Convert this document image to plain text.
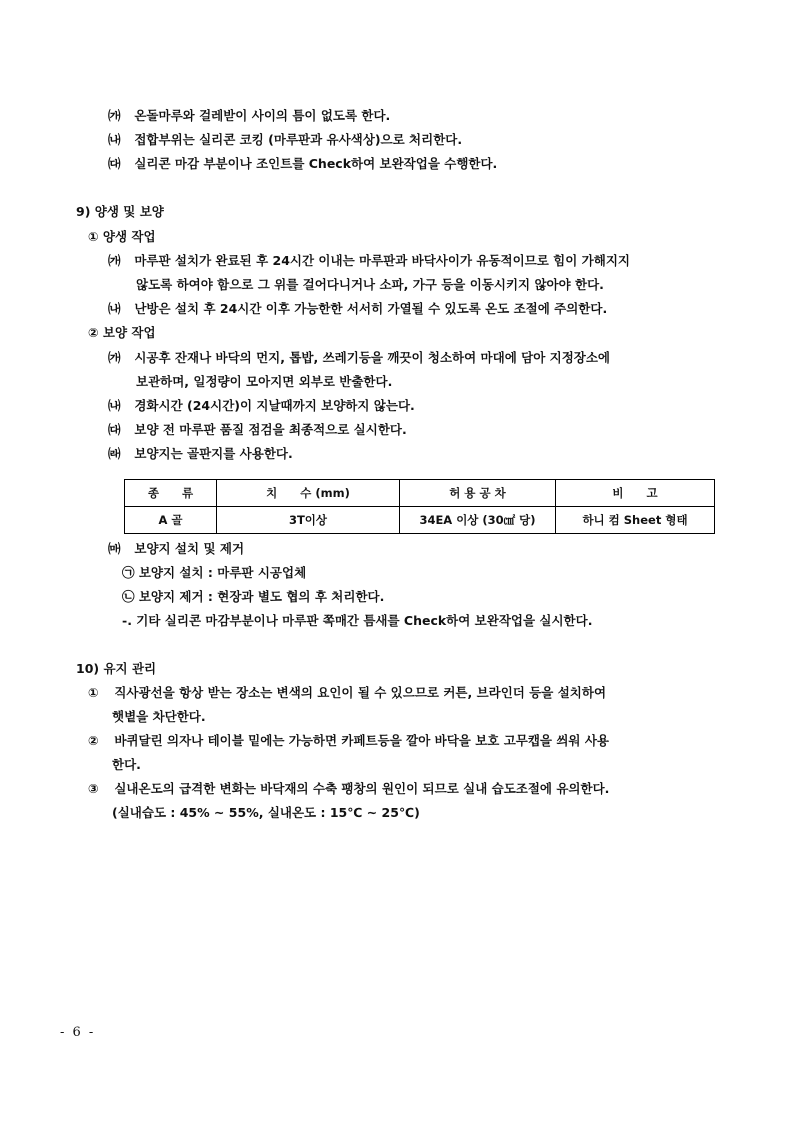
㈎ 온돌마루와 걸레받이 사이의 틈이 없도록 한다.
㈏ 접합부위는 실리콘 코킹 (마루판과 유사색상)으로 처리한다.
㈐ 실리콘 마감 부분이나 조인트를 Check하여 보완작업을 수행한다.
9) 양생 및 보양
① 양생 작업
㈎ 마루판 설치가 완료된 후 24시간 이내는 마루판과 바닥사이가 유동적이므로 힘이 가해지지
않도록 하여야 함으로 그 위를 걸어다니거나 소파, 가구 등을 이동시키지 않아야 한다.
㈏ 난방은 설치 후 24시간 이후 가능한한 서서히 가열될 수 있도록 온도 조절에 주의한다.
② 보양 작업
㈎ 시공후 잔재나 바닥의 먼지, 톱밥, 쓰레기등을 깨끗이 청소하여 마대에 담아 지정장소에
보관하며, 일정량이 모아지면 외부로 반출한다.
㈏ 경화시간 (24시간)이 지날때까지 보양하지 않는다.
㈐ 보양 전 마루판 품질 점검을 최종적으로 실시한다.
㈑ 보양지는 골판지를 사용한다.
종　　류	치　　수 (mm)	허 용 공 차	비　　고
A 골	3T이상	34EA 이상 (30㎠ 당)	하니 컴 Sheet 형태
㈒ 보양지 설치 및 제거
㉠ 보양지 설치 : 마루판 시공업체
㉡ 보양지 제거 : 현장과 별도 협의 후 처리한다.
-. 기타 실리콘 마감부분이나 마루판 쪽매간 틈새를 Check하여 보완작업을 실시한다.
10) 유지 관리
① 직사광선을 항상 받는 장소는 변색의 요인이 될 수 있으므로 커튼, 브라인더 등을 설치하여
햇볕을 차단한다.
② 바퀴달린 의자나 테이블 밑에는 가능하면 카페트등을 깔아 바닥을 보호 고무캡을 씌워 사용
한다.
③ 실내온도의 급격한 변화는 바닥재의 수축 팽창의 원인이 되므로 실내 습도조절에 유의한다.
(실내습도 : 45% ∼ 55%, 실내온도 : 15℃ ∼ 25℃)
- 6 -
